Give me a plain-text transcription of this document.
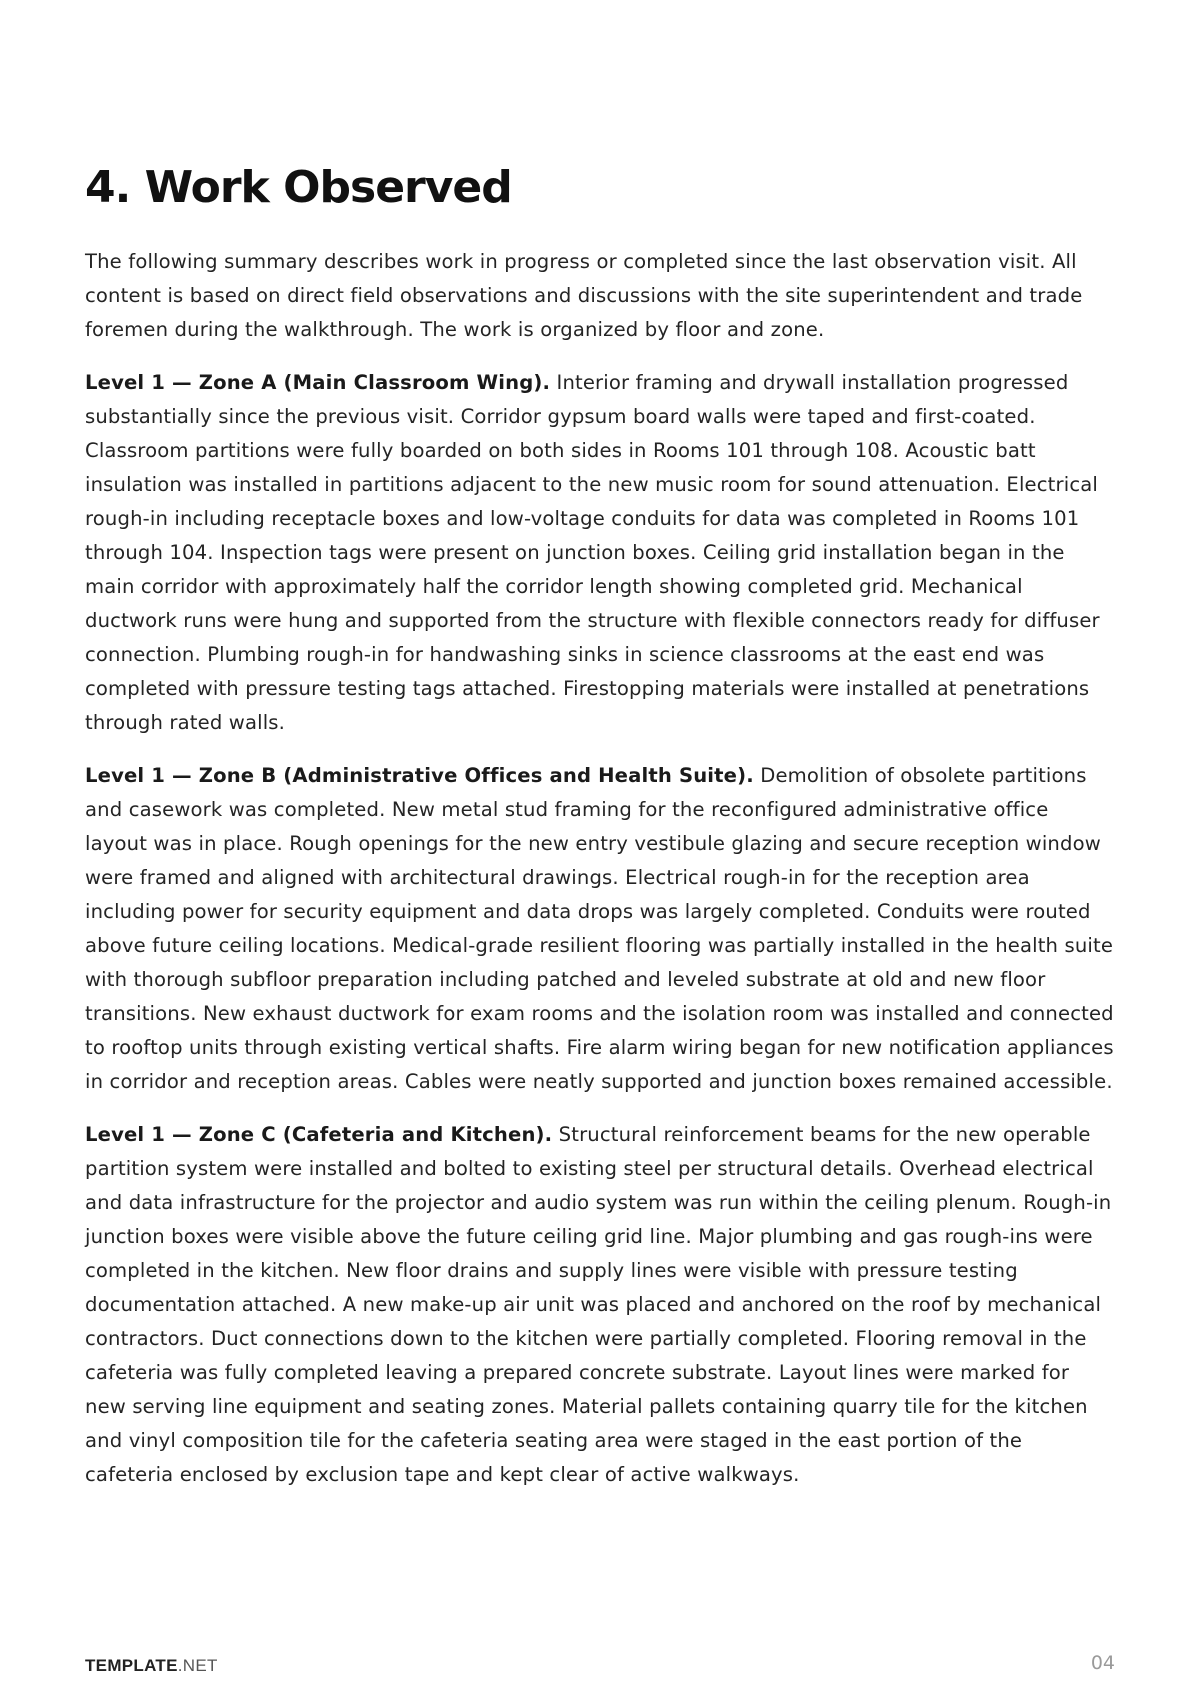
4. Work Observed

The following summary describes work in progress or completed since the last observation visit. All content is based on direct field observations and discussions with the site superintendent and trade foremen during the walkthrough. The work is organized by floor and zone.

Level 1 — Zone A (Main Classroom Wing). Interior framing and drywall installation progressed substantially since the previous visit. Corridor gypsum board walls were taped and first-coated. Classroom partitions were fully boarded on both sides in Rooms 101 through 108. Acoustic batt insulation was installed in partitions adjacent to the new music room for sound attenuation. Electrical rough-in including receptacle boxes and low-voltage conduits for data was completed in Rooms 101 through 104. Inspection tags were present on junction boxes. Ceiling grid installation began in the main corridor with approximately half the corridor length showing completed grid. Mechanical ductwork runs were hung and supported from the structure with flexible connectors ready for diffuser connection. Plumbing rough-in for handwashing sinks in science classrooms at the east end was completed with pressure testing tags attached. Firestopping materials were installed at penetrations through rated walls.

Level 1 — Zone B (Administrative Offices and Health Suite). Demolition of obsolete partitions and casework was completed. New metal stud framing for the reconfigured administrative office layout was in place. Rough openings for the new entry vestibule glazing and secure reception window were framed and aligned with architectural drawings. Electrical rough-in for the reception area including power for security equipment and data drops was largely completed. Conduits were routed above future ceiling locations. Medical-grade resilient flooring was partially installed in the health suite with thorough subfloor preparation including patched and leveled substrate at old and new floor transitions. New exhaust ductwork for exam rooms and the isolation room was installed and connected to rooftop units through existing vertical shafts. Fire alarm wiring began for new notification appliances in corridor and reception areas. Cables were neatly supported and junction boxes remained accessible.

Level 1 — Zone C (Cafeteria and Kitchen). Structural reinforcement beams for the new operable partition system were installed and bolted to existing steel per structural details. Overhead electrical and data infrastructure for the projector and audio system was run within the ceiling plenum. Rough-in junction boxes were visible above the future ceiling grid line. Major plumbing and gas rough-ins were completed in the kitchen. New floor drains and supply lines were visible with pressure testing documentation attached. A new make-up air unit was placed and anchored on the roof by mechanical contractors. Duct connections down to the kitchen were partially completed. Flooring removal in the cafeteria was fully completed leaving a prepared concrete substrate. Layout lines were marked for new serving line equipment and seating zones. Material pallets containing quarry tile for the kitchen and vinyl composition tile for the cafeteria seating area were staged in the east portion of the cafeteria enclosed by exclusion tape and kept clear of active walkways.

TEMPLATE.NET	04
